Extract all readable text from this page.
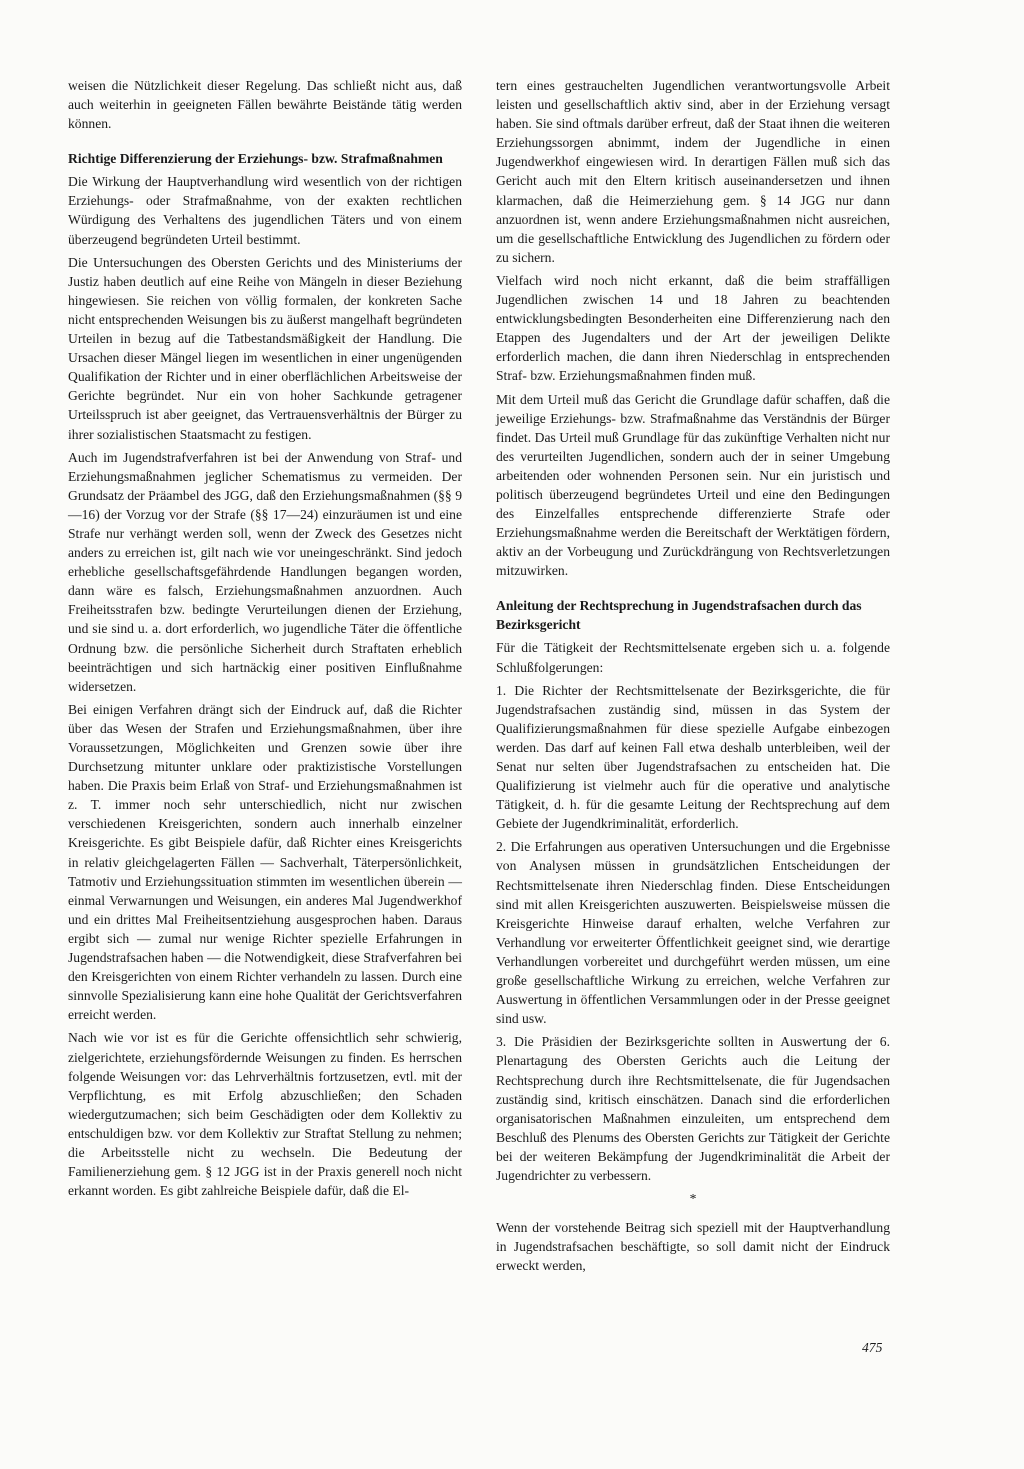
weisen die Nützlichkeit dieser Regelung. Das schließt nicht aus, daß auch weiterhin in geeigneten Fällen bewährte Beistände tätig werden können.

Richtige Differenzierung der Erziehungs- bzw. Strafmaßnahmen

Die Wirkung der Hauptverhandlung wird wesentlich von der richtigen Erziehungs- oder Strafmaßnahme, von der exakten rechtlichen Würdigung des Verhaltens des jugendlichen Täters und von einem überzeugend begründeten Urteil bestimmt.

Die Untersuchungen des Obersten Gerichts und des Ministeriums der Justiz haben deutlich auf eine Reihe von Mängeln in dieser Beziehung hingewiesen. Sie reichen von völlig formalen, der konkreten Sache nicht entsprechenden Weisungen bis zu äußerst mangelhaft begründeten Urteilen in bezug auf die Tatbestandsmäßigkeit der Handlung. Die Ursachen dieser Mängel liegen im wesentlichen in einer ungenügenden Qualifikation der Richter und in einer oberflächlichen Arbeitsweise der Gerichte begründet. Nur ein von hoher Sachkunde getragener Urteilsspruch ist aber geeignet, das Vertrauensverhältnis der Bürger zu ihrer sozialistischen Staatsmacht zu festigen.

Auch im Jugendstrafverfahren ist bei der Anwendung von Straf- und Erziehungsmaßnahmen jeglicher Schematismus zu vermeiden. Der Grundsatz der Präambel des JGG, daß den Erziehungsmaßnahmen (§§ 9—16) der Vorzug vor der Strafe (§§ 17—24) einzuräumen ist und eine Strafe nur verhängt werden soll, wenn der Zweck des Gesetzes nicht anders zu erreichen ist, gilt nach wie vor uneingeschränkt. Sind jedoch erhebliche gesellschaftsgefährdende Handlungen begangen worden, dann wäre es falsch, Erziehungsmaßnahmen anzuordnen. Auch Freiheitsstrafen bzw. bedingte Verurteilungen dienen der Erziehung, und sie sind u. a. dort erforderlich, wo jugendliche Täter die öffentliche Ordnung bzw. die persönliche Sicherheit durch Straftaten erheblich beeinträchtigen und sich hartnäckig einer positiven Einflußnahme widersetzen.

Bei einigen Verfahren drängt sich der Eindruck auf, daß die Richter über das Wesen der Strafen und Erziehungsmaßnahmen, über ihre Voraussetzungen, Möglichkeiten und Grenzen sowie über ihre Durchsetzung mitunter unklare oder praktizistische Vorstellungen haben. Die Praxis beim Erlaß von Straf- und Erziehungsmaßnahmen ist z. T. immer noch sehr unterschiedlich, nicht nur zwischen verschiedenen Kreisgerichten, sondern auch innerhalb einzelner Kreisgerichte. Es gibt Beispiele dafür, daß Richter eines Kreisgerichts in relativ gleichgelagerten Fällen — Sachverhalt, Täterpersönlichkeit, Tatmotiv und Erziehungssituation stimmten im wesentlichen überein — einmal Verwarnungen und Weisungen, ein anderes Mal Jugendwerkhof und ein drittes Mal Freiheitsentziehung ausgesprochen haben. Daraus ergibt sich — zumal nur wenige Richter spezielle Erfahrungen in Jugendstrafsachen haben — die Notwendigkeit, diese Strafverfahren bei den Kreisgerichten von einem Richter verhandeln zu lassen. Durch eine sinnvolle Spezialisierung kann eine hohe Qualität der Gerichtsverfahren erreicht werden.

Nach wie vor ist es für die Gerichte offensichtlich sehr schwierig, zielgerichtete, erziehungsfördernde Weisungen zu finden. Es herrschen folgende Weisungen vor: das Lehrverhältnis fortzusetzen, evtl. mit der Verpflichtung, es mit Erfolg abzuschließen; den Schaden wiedergutzumachen; sich beim Geschädigten oder dem Kollektiv zu entschuldigen bzw. vor dem Kollektiv zur Straftat Stellung zu nehmen; die Arbeitsstelle nicht zu wechseln. Die Bedeutung der Familienerziehung gem. § 12 JGG ist in der Praxis generell noch nicht erkannt worden. Es gibt zahlreiche Beispiele dafür, daß die El-

tern eines gestrauchelten Jugendlichen verantwortungsvolle Arbeit leisten und gesellschaftlich aktiv sind, aber in der Erziehung versagt haben. Sie sind oftmals darüber erfreut, daß der Staat ihnen die weiteren Erziehungssorgen abnimmt, indem der Jugendliche in einen Jugendwerkhof eingewiesen wird. In derartigen Fällen muß sich das Gericht auch mit den Eltern kritisch auseinandersetzen und ihnen klarmachen, daß die Heimerziehung gem. § 14 JGG nur dann anzuordnen ist, wenn andere Erziehungsmaßnahmen nicht ausreichen, um die gesellschaftliche Entwicklung des Jugendlichen zu fördern oder zu sichern.

Vielfach wird noch nicht erkannt, daß die beim straffälligen Jugendlichen zwischen 14 und 18 Jahren zu beachtenden entwicklungsbedingten Besonderheiten eine Differenzierung nach den Etappen des Jugendalters und der Art der jeweiligen Delikte erforderlich machen, die dann ihren Niederschlag in entsprechenden Straf- bzw. Erziehungsmaßnahmen finden muß.

Mit dem Urteil muß das Gericht die Grundlage dafür schaffen, daß die jeweilige Erziehungs- bzw. Strafmaßnahme das Verständnis der Bürger findet. Das Urteil muß Grundlage für das zukünftige Verhalten nicht nur des verurteilten Jugendlichen, sondern auch der in seiner Umgebung arbeitenden oder wohnenden Personen sein. Nur ein juristisch und politisch überzeugend begründetes Urteil und eine den Bedingungen des Einzelfalles entsprechende differenzierte Strafe oder Erziehungsmaßnahme werden die Bereitschaft der Werktätigen fördern, aktiv an der Vorbeugung und Zurückdrängung von Rechtsverletzungen mitzuwirken.

Anleitung der Rechtsprechung in Jugendstrafsachen durch das Bezirksgericht

Für die Tätigkeit der Rechtsmittelsenate ergeben sich u. a. folgende Schlußfolgerungen:

1. Die Richter der Rechtsmittelsenate der Bezirksgerichte, die für Jugendstrafsachen zuständig sind, müssen in das System der Qualifizierungsmaßnahmen für diese spezielle Aufgabe einbezogen werden. Das darf auf keinen Fall etwa deshalb unterbleiben, weil der Senat nur selten über Jugendstrafsachen zu entscheiden hat. Die Qualifizierung ist vielmehr auch für die operative und analytische Tätigkeit, d. h. für die gesamte Leitung der Rechtsprechung auf dem Gebiete der Jugendkriminalität, erforderlich.

2. Die Erfahrungen aus operativen Untersuchungen und die Ergebnisse von Analysen müssen in grundsätzlichen Entscheidungen der Rechtsmittelsenate ihren Niederschlag finden. Diese Entscheidungen sind mit allen Kreisgerichten auszuwerten. Beispielsweise müssen die Kreisgerichte Hinweise darauf erhalten, welche Verfahren zur Verhandlung vor erweiterter Öffentlichkeit geeignet sind, wie derartige Verhandlungen vorbereitet und durchgeführt werden müssen, um eine große gesellschaftliche Wirkung zu erreichen, welche Verfahren zur Auswertung in öffentlichen Versammlungen oder in der Presse geeignet sind usw.

3. Die Präsidien der Bezirksgerichte sollten in Auswertung der 6. Plenartagung des Obersten Gerichts auch die Leitung der Rechtsprechung durch ihre Rechtsmittelsenate, die für Jugendsachen zuständig sind, kritisch einschätzen. Danach sind die erforderlichen organisatorischen Maßnahmen einzuleiten, um entsprechend dem Beschluß des Plenums des Obersten Gerichts zur Tätigkeit der Gerichte bei der weiteren Bekämpfung der Jugendkriminalität die Arbeit der Jugendrichter zu verbessern.

*

Wenn der vorstehende Beitrag sich speziell mit der Hauptverhandlung in Jugendstrafsachen beschäftigte, so soll damit nicht der Eindruck erweckt werden,

475
